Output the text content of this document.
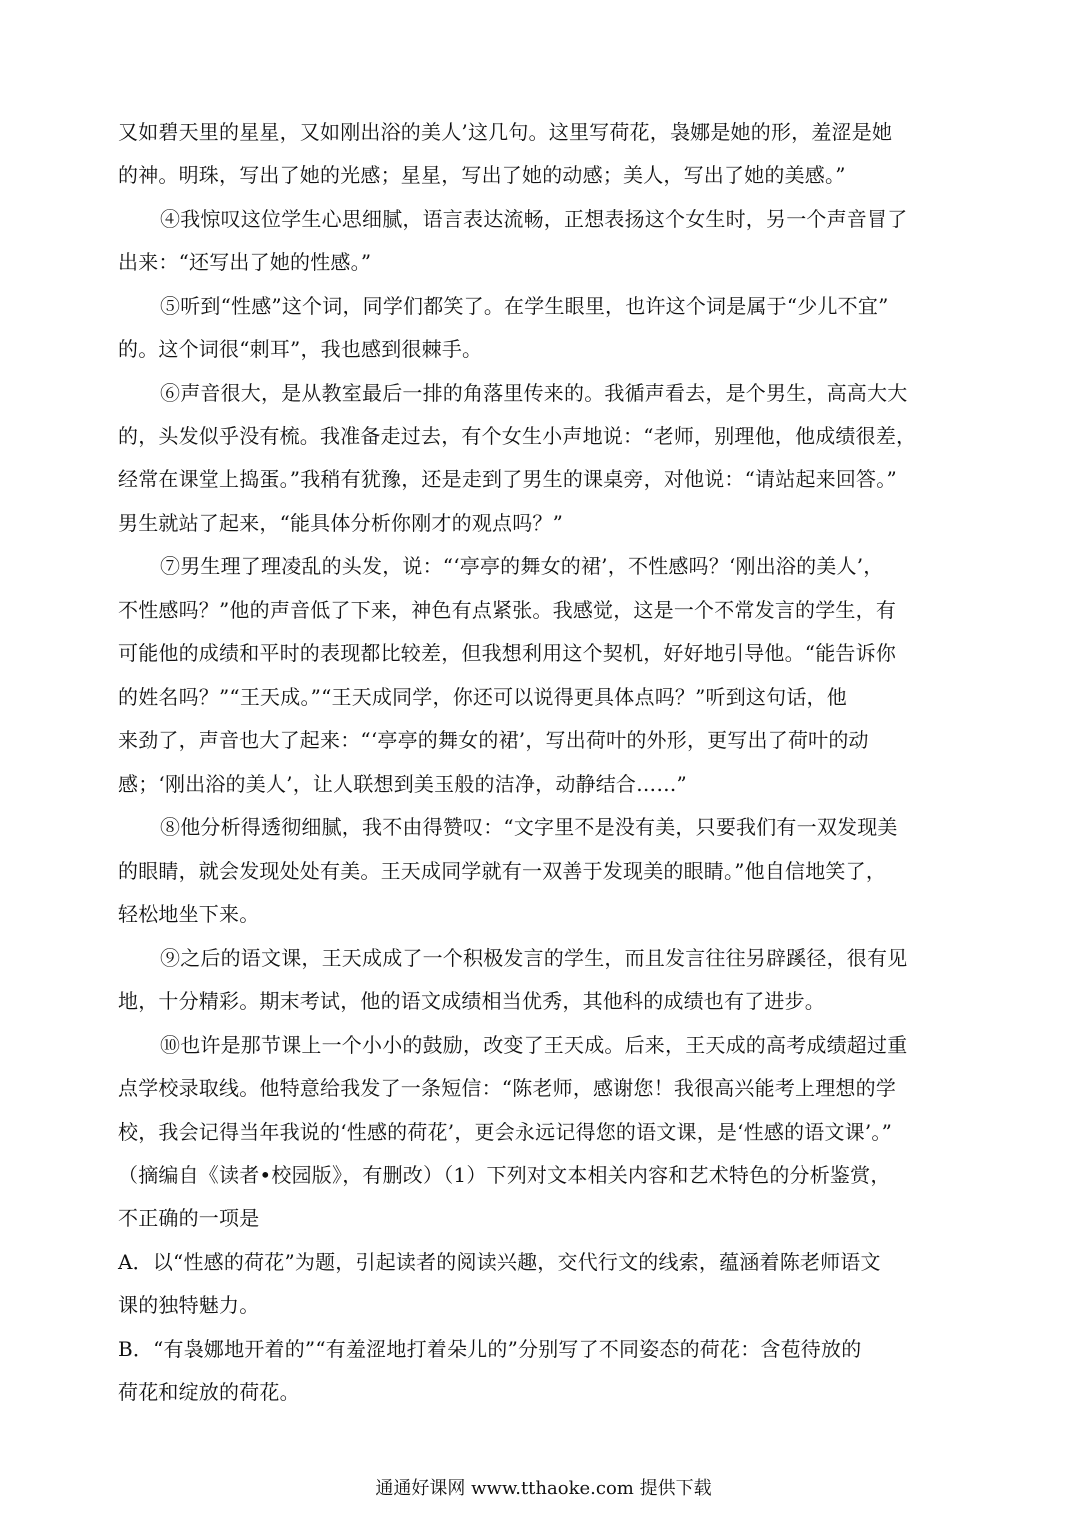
又如碧天里的星星，又如刚出浴的美人’这几句。这里写荷花，袅娜是她的形，羞涩是她
的神。明珠，写出了她的光感；星星，写出了她的动感；美人，写出了她的美感。”
④我惊叹这位学生心思细腻，语言表达流畅，正想表扬这个女生时，另一个声音冒了
出来：“还写出了她的性感。”
⑤听到“性感”这个词，同学们都笑了。在学生眼里，也许这个词是属于“少儿不宜”
的。这个词很“刺耳”，我也感到很棘手。
⑥声音很大，是从教室最后一排的角落里传来的。我循声看去，是个男生，高高大大
的，头发似乎没有梳。我准备走过去，有个女生小声地说：“老师，别理他，他成绩很差，
经常在课堂上捣蛋。”我稍有犹豫，还是走到了男生的课桌旁，对他说：“请站起来回答。”
男生就站了起来，“能具体分析你刚才的观点吗？”
⑦男生理了理凌乱的头发，说：“‘亭亭的舞女的裙’，不性感吗？‘刚出浴的美人’，
不性感吗？”他的声音低了下来，神色有点紧张。我感觉，这是一个不常发言的学生，有
可能他的成绩和平时的表现都比较差，但我想利用这个契机，好好地引导他。“能告诉你
的姓名吗？”“王天成。”“王天成同学，你还可以说得更具体点吗？”听到这句话，他
来劲了，声音也大了起来：“‘亭亭的舞女的裙’，写出荷叶的外形，更写出了荷叶的动
感；‘刚出浴的美人’，让人联想到美玉般的洁净，动静结合……”
⑧他分析得透彻细腻，我不由得赞叹：“文字里不是没有美，只要我们有一双发现美
的眼睛，就会发现处处有美。王天成同学就有一双善于发现美的眼睛。”他自信地笑了，
轻松地坐下来。
⑨之后的语文课，王天成成了一个积极发言的学生，而且发言往往另辟蹊径，很有见
地，十分精彩。期末考试，他的语文成绩相当优秀，其他科的成绩也有了进步。
⑩也许是那节课上一个小小的鼓励，改变了王天成。后来，王天成的高考成绩超过重
点学校录取线。他特意给我发了一条短信：“陈老师，感谢您！我很高兴能考上理想的学
校，我会记得当年我说的‘性感的荷花’，更会永远记得您的语文课，是‘性感的语文课’。”
（摘编自《读者•校园版》，有删改）（1）下列对文本相关内容和艺术特色的分析鉴赏，
不正确的一项是
A．以“性感的荷花”为题，引起读者的阅读兴趣，交代行文的线索，蕴涵着陈老师语文
课的独特魅力。
B．“有袅娜地开着的”“有羞涩地打着朵儿的”分别写了不同姿态的荷花：含苞待放的
荷花和绽放的荷花。
通通好课网 www.tthaoke.com 提供下载
